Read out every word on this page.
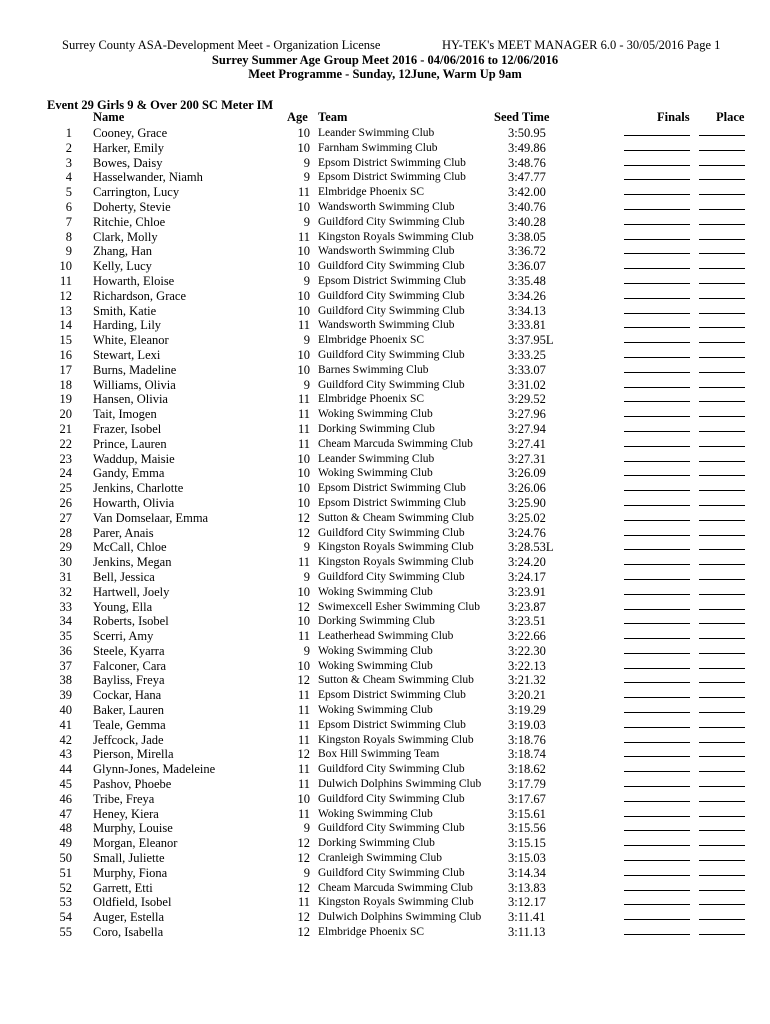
Surrey County ASA-Development Meet - Organization License	HY-TEK's MEET MANAGER 6.0 - 30/05/2016 Page 1
Surrey Summer Age Group Meet 2016 - 04/06/2016 to 12/06/2016
Meet Programme - Sunday, 12June, Warm Up 9am
Event 29 Girls 9 & Over 200 SC Meter IM
Name	Age Team	Seed Time	Finals Place
1 Cooney, Grace	10 Leander Swimming Club	3:50.95
2 Harker, Emily	10 Farnham Swimming Club	3:49.86
3 Bowes, Daisy	9 Epsom District Swimming Club	3:48.76
4 Hasselwander, Niamh	9 Epsom District Swimming Club	3:47.77
5 Carrington, Lucy	11 Elmbridge Phoenix SC	3:42.00
6 Doherty, Stevie	10 Wandsworth Swimming Club	3:40.76
7 Ritchie, Chloe	9 Guildford City Swimming Club	3:40.28
8 Clark, Molly	11 Kingston Royals Swimming Club	3:38.05
9 Zhang, Han	10 Wandsworth Swimming Club	3:36.72
10 Kelly, Lucy	10 Guildford City Swimming Club	3:36.07
11 Howarth, Eloise	9 Epsom District Swimming Club	3:35.48
12 Richardson, Grace	10 Guildford City Swimming Club	3:34.26
13 Smith, Katie	10 Guildford City Swimming Club	3:34.13
14 Harding, Lily	11 Wandsworth Swimming Club	3:33.81
15 White, Eleanor	9 Elmbridge Phoenix SC	3:37.95L
16 Stewart, Lexi	10 Guildford City Swimming Club	3:33.25
17 Burns, Madeline	10 Barnes Swimming Club	3:33.07
18 Williams, Olivia	9 Guildford City Swimming Club	3:31.02
19 Hansen, Olivia	11 Elmbridge Phoenix SC	3:29.52
20 Tait, Imogen	11 Woking Swimming Club	3:27.96
21 Frazer, Isobel	11 Dorking Swimming Club	3:27.94
22 Prince, Lauren	11 Cheam Marcuda Swimming Club	3:27.41
23 Waddup, Maisie	10 Leander Swimming Club	3:27.31
24 Gandy, Emma	10 Woking Swimming Club	3:26.09
25 Jenkins, Charlotte	10 Epsom District Swimming Club	3:26.06
26 Howarth, Olivia	10 Epsom District Swimming Club	3:25.90
27 Van Domselaar, Emma	12 Sutton & Cheam Swimming Club	3:25.02
28 Parer, Anais	12 Guildford City Swimming Club	3:24.76
29 McCall, Chloe	9 Kingston Royals Swimming Club	3:28.53L
30 Jenkins, Megan	11 Kingston Royals Swimming Club	3:24.20
31 Bell, Jessica	9 Guildford City Swimming Club	3:24.17
32 Hartwell, Joely	10 Woking Swimming Club	3:23.91
33 Young, Ella	12 Swimexcell Esher Swimming Club	3:23.87
34 Roberts, Isobel	10 Dorking Swimming Club	3:23.51
35 Scerri, Amy	11 Leatherhead Swimming Club	3:22.66
36 Steele, Kyarra	9 Woking Swimming Club	3:22.30
37 Falconer, Cara	10 Woking Swimming Club	3:22.13
38 Bayliss, Freya	12 Sutton & Cheam Swimming Club	3:21.32
39 Cockar, Hana	11 Epsom District Swimming Club	3:20.21
40 Baker, Lauren	11 Woking Swimming Club	3:19.29
41 Teale, Gemma	11 Epsom District Swimming Club	3:19.03
42 Jeffcock, Jade	11 Kingston Royals Swimming Club	3:18.76
43 Pierson, Mirella	12 Box Hill Swimming Team	3:18.74
44 Glynn-Jones, Madeleine	11 Guildford City Swimming Club	3:18.62
45 Pashov, Phoebe	11 Dulwich Dolphins Swimming Club	3:17.79
46 Tribe, Freya	10 Guildford City Swimming Club	3:17.67
47 Heney, Kiera	11 Woking Swimming Club	3:15.61
48 Murphy, Louise	9 Guildford City Swimming Club	3:15.56
49 Morgan, Eleanor	12 Dorking Swimming Club	3:15.15
50 Small, Juliette	12 Cranleigh Swimming Club	3:15.03
51 Murphy, Fiona	9 Guildford City Swimming Club	3:14.34
52 Garrett, Etti	12 Cheam Marcuda Swimming Club	3:13.83
53 Oldfield, Isobel	11 Kingston Royals Swimming Club	3:12.17
54 Auger, Estella	12 Dulwich Dolphins Swimming Club	3:11.41
55 Coro, Isabella	12 Elmbridge Phoenix SC	3:11.13
